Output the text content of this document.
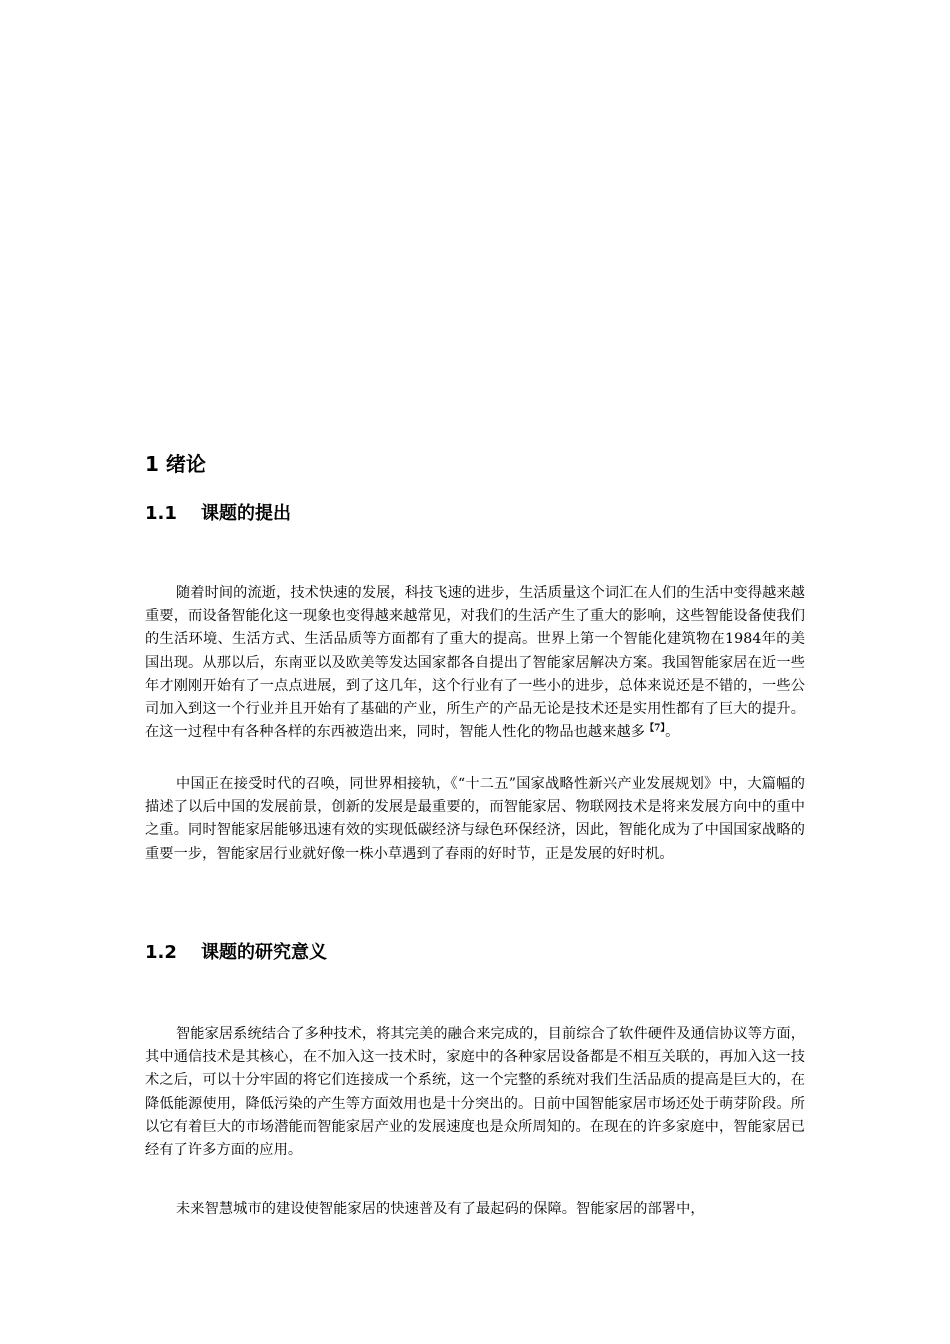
1 绪论
1.1 课题的提出

随着时间的流逝，技术快速的发展，科技飞速的进步，生活质量这个词汇在人们的生活中变得越来越重要，而设备智能化这一现象也变得越来越常见，对我们的生活产生了重大的影响，这些智能设备使我们的生活环境、生活方式、生活品质等方面都有了重大的提高。世界上第一个智能化建筑物在1984年的美国出现。从那以后，东南亚以及欧美等发达国家都各自提出了智能家居解决方案。我国智能家居在近一些年才刚刚开始有了一点点进展，到了这几年，这个行业有了一些小的进步，总体来说还是不错的，一些公司加入到这一个行业并且开始有了基础的产业，所生产的产品无论是技术还是实用性都有了巨大的提升。在这一过程中有各种各样的东西被造出来，同时，智能人性化的物品也越来越多$^{【7】}$。

中国正在接受时代的召唤，同世界相接轨，《“十二五”国家战略性新兴产业发展规划》中，大篇幅的描述了以后中国的发展前景，创新的发展是最重要的，而智能家居、物联网技术是将来发展方向中的重中之重。同时智能家居能够迅速有效的实现低碳经济与绿色环保经济，因此，智能化成为了中国国家战略的重要一步，智能家居行业就好像一株小草遇到了春雨的好时节，正是发展的好时机。

1.2 课题的研究意义

智能家居系统结合了多种技术，将其完美的融合来完成的，目前综合了软件硬件及通信协议等方面，其中通信技术是其核心，在不加入这一技术时，家庭中的各种家居设备都是不相互关联的，再加入这一技术之后，可以十分牢固的将它们连接成一个系统，这一个完整的系统对我们生活品质的提高是巨大的，在降低能源使用，降低污染的产生等方面效用也是十分突出的。日前中国智能家居市场还处于萌芽阶段。所以它有着巨大的市场潜能而智能家居产业的发展速度也是众所周知的。在现在的许多家庭中，智能家居已经有了许多方面的应用。

未来智慧城市的建设使智能家居的快速普及有了最起码的保障。智能家居的部署中，
